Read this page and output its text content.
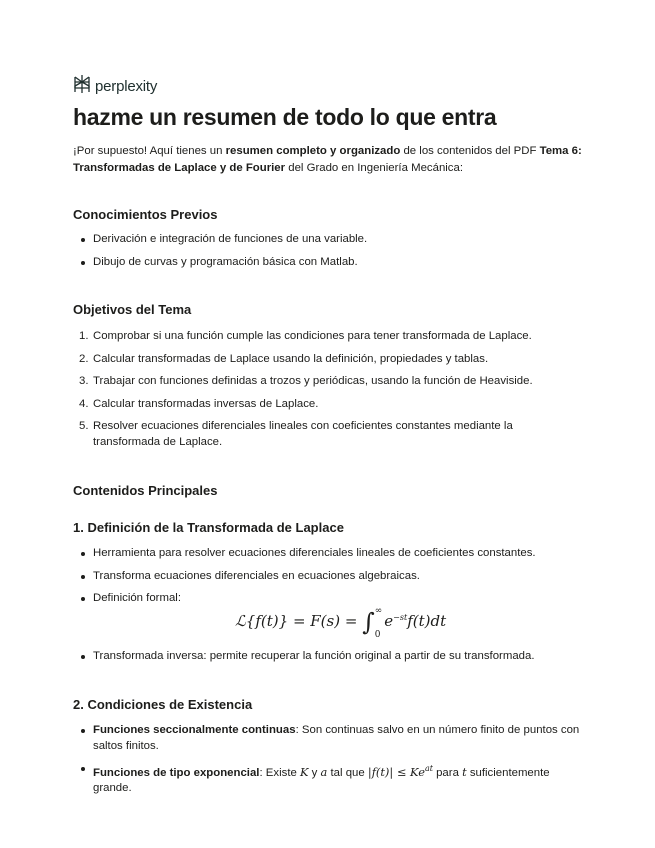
perplexity
hazme un resumen de todo lo que entra

¡Por supuesto! Aquí tienes un resumen completo y organizado de los contenidos del PDF Tema 6: Transformadas de Laplace y de Fourier del Grado en Ingeniería Mecánica:

Conocimientos Previos
Derivación e integración de funciones de una variable.
Dibujo de curvas y programación básica con Matlab.
Objetivos del Tema
1. Comprobar si una función cumple las condiciones para tener transformada de Laplace.
2. Calcular transformadas de Laplace usando la definición, propiedades y tablas.
3. Trabajar con funciones definidas a trozos y periódicas, usando la función de Heaviside.
4. Calcular transformadas inversas de Laplace.
5. Resolver ecuaciones diferenciales lineales con coeficientes constantes mediante la transformada de Laplace.
Contenidos Principales
1. Definición de la Transformada de Laplace
Herramienta para resolver ecuaciones diferenciales lineales de coeficientes constantes.
Transforma ecuaciones diferenciales en ecuaciones algebraicas.
Definición formal:
ℒ{f(t)} = F(s) = ∫ ∞
0
$e^{-st}f(t)dt$
Transformada inversa: permite recuperar la función original a partir de su transformada.
2. Condiciones de Existencia
Funciones seccionalmente continuas: Son continuas salvo en un número finito de puntos con saltos finitos.
Funciones de tipo exponencial: Existe K y a tal que $|f(t)| \le Ke^{at}$ para t suficientemente grande.
